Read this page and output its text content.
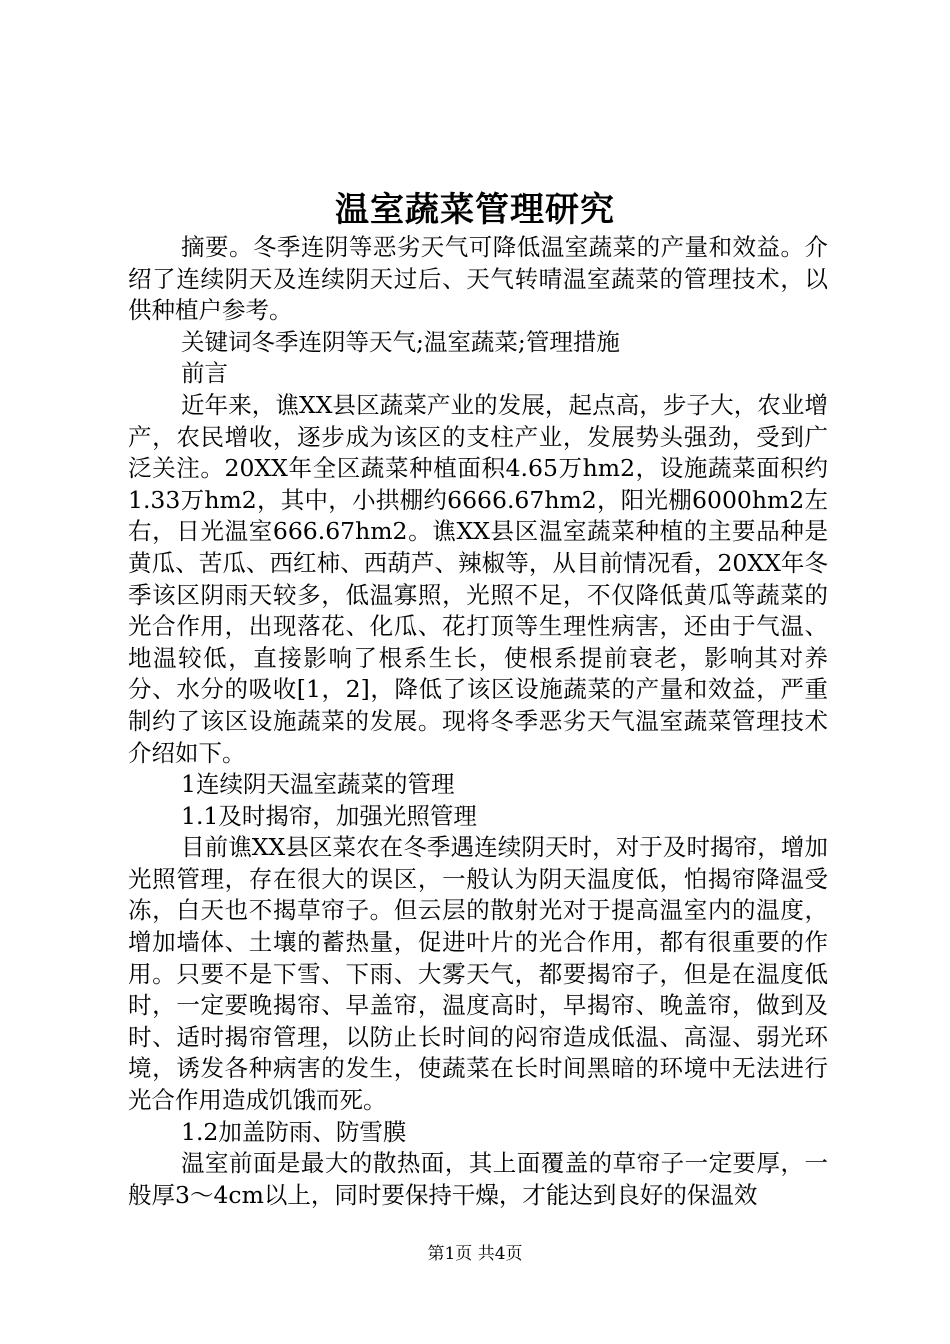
温室蔬菜管理研究

摘要。冬季连阴等恶劣天气可降低温室蔬菜的产量和效益。介绍了连续阴天及连续阴天过后、天气转晴温室蔬菜的管理技术，以供种植户参考。

关键词冬季连阴等天气;温室蔬菜;管理措施

前言

近年来，谯XX县区蔬菜产业的发展，起点高，步子大，农业增产，农民增收，逐步成为该区的支柱产业，发展势头强劲，受到广泛关注。20XX年全区蔬菜种植面积4.65万hm2，设施蔬菜面积约1.33万hm2，其中，小拱棚约6666.67hm2，阳光棚6000hm2左右，日光温室666.67hm2。谯XX县区温室蔬菜种植的主要品种是黄瓜、苦瓜、西红柿、西葫芦、辣椒等，从目前情况看，20XX年冬季该区阴雨天较多，低温寡照，光照不足，不仅降低黄瓜等蔬菜的光合作用，出现落花、化瓜、花打顶等生理性病害，还由于气温、地温较低，直接影响了根系生长，使根系提前衰老，影响其对养分、水分的吸收[1，2]，降低了该区设施蔬菜的产量和效益，严重制约了该区设施蔬菜的发展。现将冬季恶劣天气温室蔬菜管理技术介绍如下。

1连续阴天温室蔬菜的管理

1.1及时揭帘，加强光照管理

目前谯XX县区菜农在冬季遇连续阴天时，对于及时揭帘，增加光照管理，存在很大的误区，一般认为阴天温度低，怕揭帘降温受冻，白天也不揭草帘子。但云层的散射光对于提高温室内的温度，增加墙体、土壤的蓄热量，促进叶片的光合作用，都有很重要的作用。只要不是下雪、下雨、大雾天气，都要揭帘子，但是在温度低时，一定要晚揭帘、早盖帘，温度高时，早揭帘、晚盖帘，做到及时、适时揭帘管理，以防止长时间的闷帘造成低温、高湿、弱光环境，诱发各种病害的发生，使蔬菜在长时间黑暗的环境中无法进行光合作用造成饥饿而死。

1.2加盖防雨、防雪膜

温室前面是最大的散热面，其上面覆盖的草帘子一定要厚，一般厚3～4cm以上，同时要保持干燥，才能达到良好的保温效

第1页 共4页
